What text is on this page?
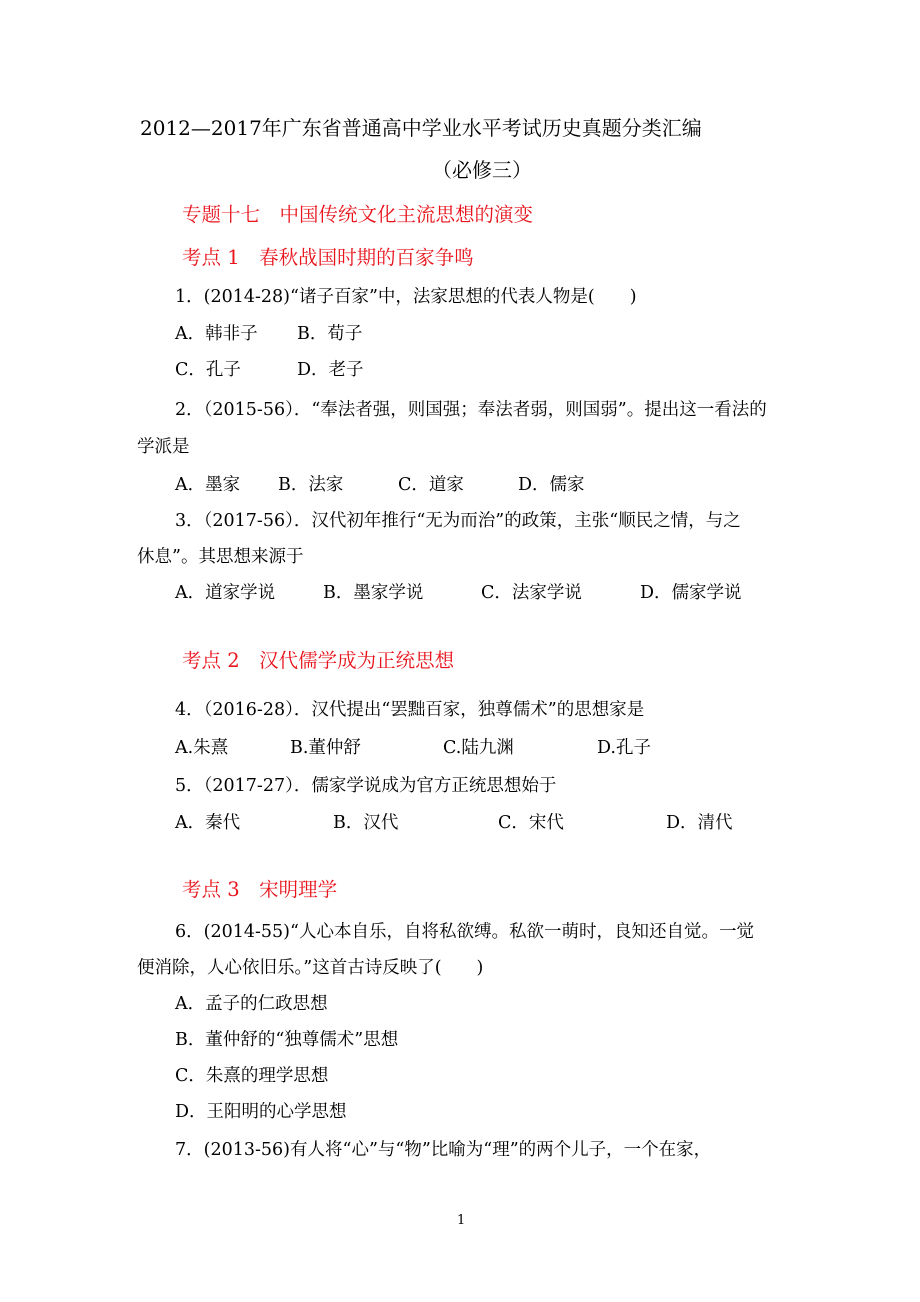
2012—2017年广东省普通高中学业水平考试历史真题分类汇编
（必修三）
专题十七　中国传统文化主流思想的演变
考点 1　春秋战国时期的百家争鸣
1．(2014-28)“诸子百家”中，法家思想的代表人物是(　　)
A．韩非子 B．荀子
C．孔子	D．老子
2．（2015-56）．“奉法者强，则国强；奉法者弱，则国弱”。提出这一看法的
学派是
A．墨家 B．法家	C．道家	D．儒家
3．（2017-56）．汉代初年推行“无为而治”的政策，主张“顺民之情，与之
休息”。其思想来源于
A．道家学说	B．墨家学说	C．法家学说	D．儒家学说
考点 2　汉代儒学成为正统思想
4．（2016-28）．汉代提出“罢黜百家，独尊儒术”的思想家是
A.朱熹	B.董仲舒	C.陆九渊	D.孔子
5．（2017-27）．儒家学说成为官方正统思想始于
A．秦代	B．汉代	C．宋代	D．清代
考点 3　宋明理学
6．(2014-55)“人心本自乐，自将私欲缚。私欲一萌时，良知还自觉。一觉
便消除，人心依旧乐。”这首古诗反映了(　　)
A．孟子的仁政思想
B．董仲舒的“独尊儒术”思想
C．朱熹的理学思想
D．王阳明的心学思想
7．(2013-56)有人将“心”与“物”比喻为“理”的两个儿子，一个在家，
1
